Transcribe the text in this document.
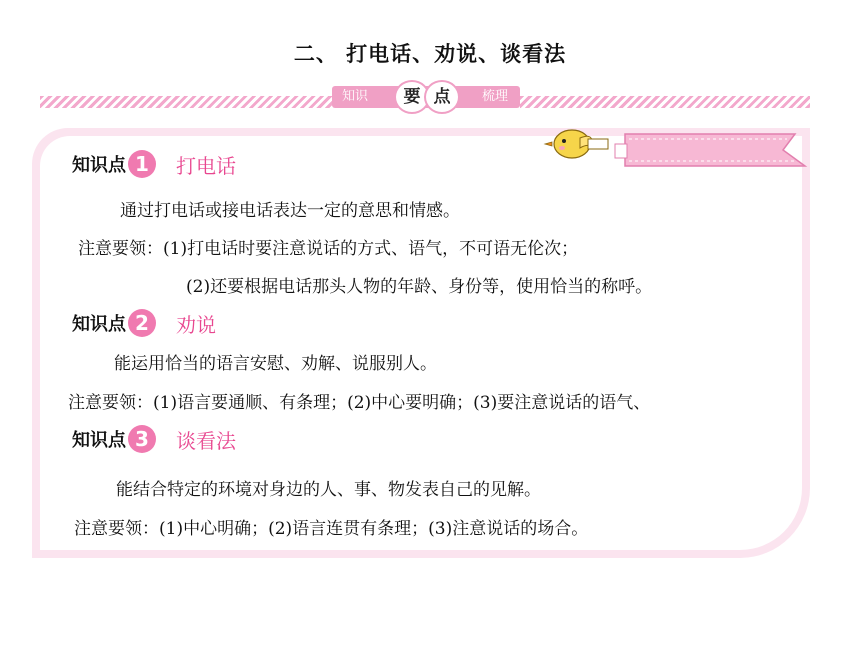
二、 打电话、劝说、谈看法
知识	要 点	梳理
知识点 1	打电话
通过打电话或接电话表达一定的意思和情感。
注意要领：(1)打电话时要注意说话的方式、语气，不可语无伦次；
(2)还要根据电话那头人物的年龄、身份等，使用恰当的称呼。
知识点 2	劝说
能运用恰当的语言安慰、劝解、说服别人。
注意要领：(1)语言要通顺、有条理；(2)中心要明确；(3)要注意说话的语气、
知识点 3	谈看法
能结合特定的环境对身边的人、事、物发表自己的见解。
注意要领：(1)中心明确；(2)语言连贯有条理；(3)注意说话的场合。
